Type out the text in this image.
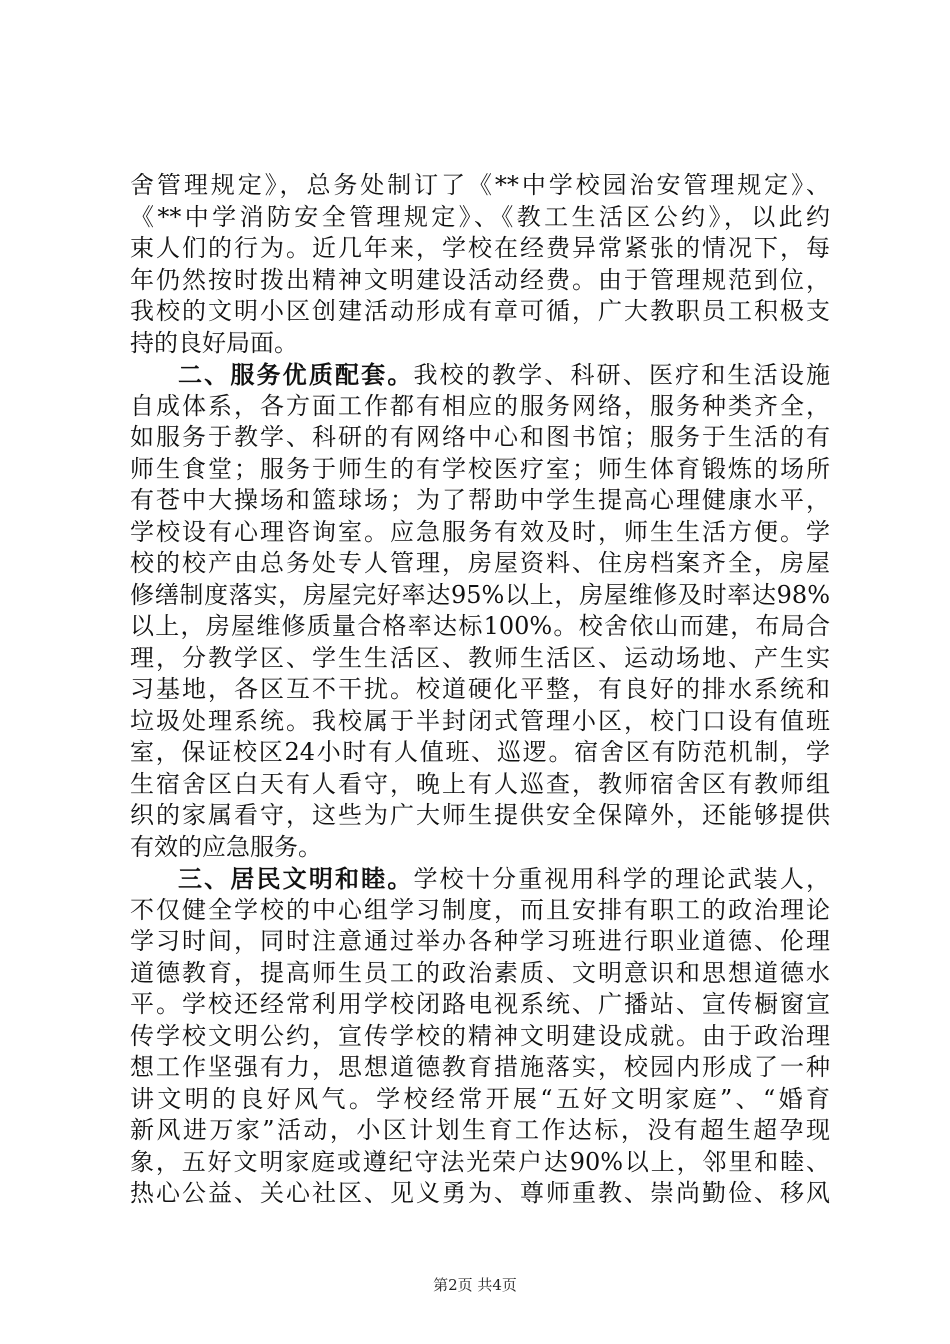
舍管理规定》，总务处制订了《**中学校园治安管理规定》、
《**中学消防安全管理规定》、《教工生活区公约》，以此约
束人们的行为。近几年来，学校在经费异常紧张的情况下，每
年仍然按时拨出精神文明建设活动经费。由于管理规范到位，
我校的文明小区创建活动形成有章可循，广大教职员工积极支
持的良好局面。
二、服务优质配套。我校的教学、科研、医疗和生活设施
自成体系，各方面工作都有相应的服务网络，服务种类齐全，
如服务于教学、科研的有网络中心和图书馆；服务于生活的有
师生食堂；服务于师生的有学校医疗室；师生体育锻炼的场所
有苍中大操场和篮球场；为了帮助中学生提高心理健康水平，
学校设有心理咨询室。应急服务有效及时，师生生活方便。学
校的校产由总务处专人管理，房屋资料、住房档案齐全，房屋
修缮制度落实，房屋完好率达95%以上，房屋维修及时率达98%
以上，房屋维修质量合格率达标100%。校舍依山而建，布局合
理，分教学区、学生生活区、教师生活区、运动场地、产生实
习基地，各区互不干扰。校道硬化平整，有良好的排水系统和
垃圾处理系统。我校属于半封闭式管理小区，校门口设有值班
室，保证校区24小时有人值班、巡逻。宿舍区有防范机制，学
生宿舍区白天有人看守，晚上有人巡查，教师宿舍区有教师组
织的家属看守，这些为广大师生提供安全保障外，还能够提供
有效的应急服务。
三、居民文明和睦。学校十分重视用科学的理论武装人，
不仅健全学校的中心组学习制度，而且安排有职工的政治理论
学习时间，同时注意通过举办各种学习班进行职业道德、伦理
道德教育，提高师生员工的政治素质、文明意识和思想道德水
平。学校还经常利用学校闭路电视系统、广播站、宣传橱窗宣
传学校文明公约，宣传学校的精神文明建设成就。由于政治理
想工作坚强有力，思想道德教育措施落实，校园内形成了一种
讲文明的良好风气。学校经常开展“五好文明家庭”、“婚育
新风进万家”活动，小区计划生育工作达标，没有超生超孕现
象，五好文明家庭或遵纪守法光荣户达90%以上，邻里和睦、
热心公益、关心社区、见义勇为、尊师重教、崇尚勤俭、移风
第2页 共4页
